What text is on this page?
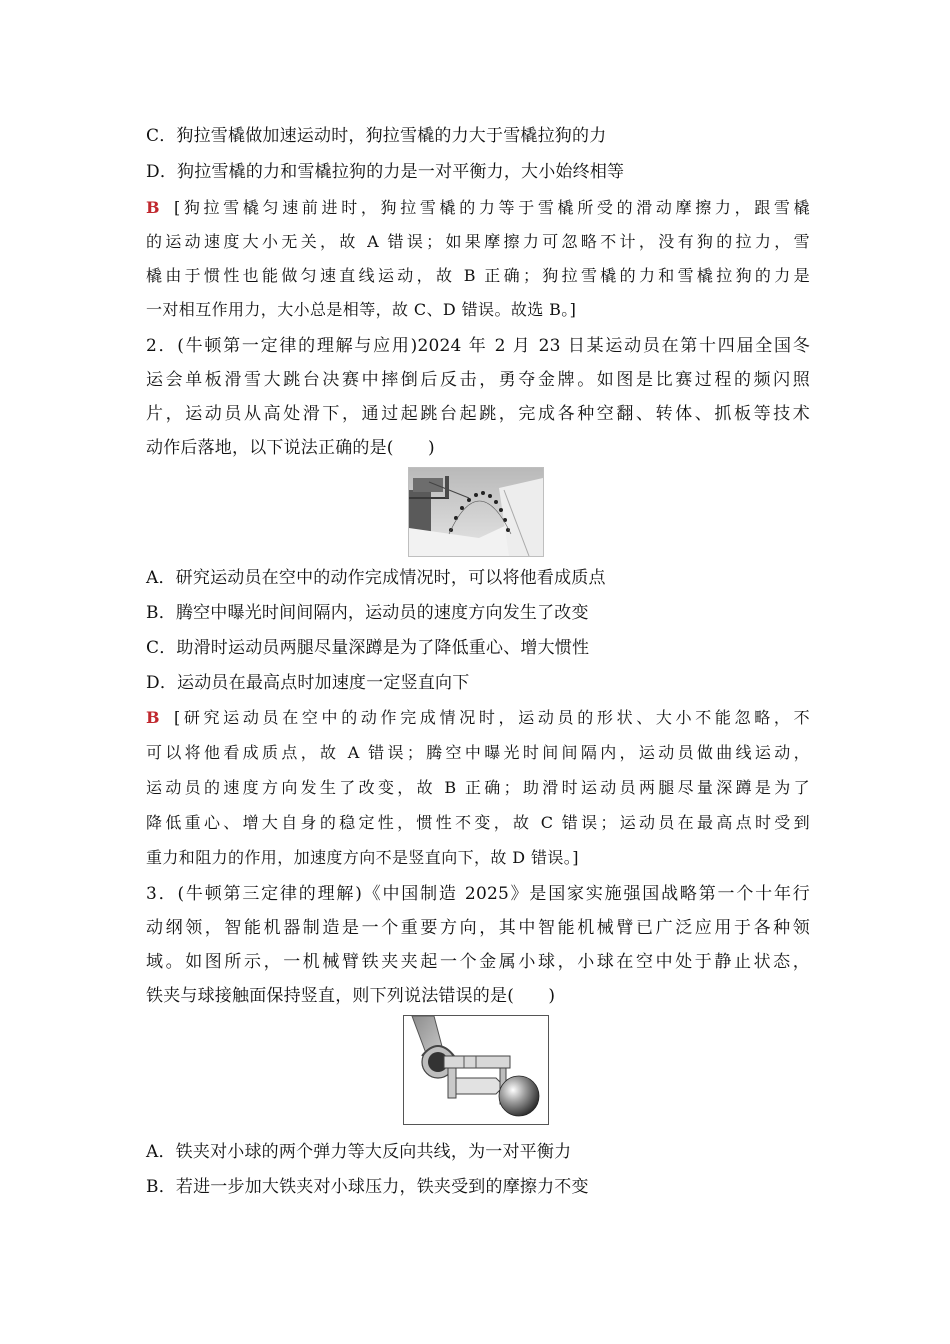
C．狗拉雪橇做加速运动时，狗拉雪橇的力大于雪橇拉狗的力
D．狗拉雪橇的力和雪橇拉狗的力是一对平衡力，大小始终相等
B [狗拉雪橇匀速前进时，狗拉雪橇的力等于雪橇所受的滑动摩擦力，跟雪橇
的运动速度大小无关，故 A 错误；如果摩擦力可忽略不计，没有狗的拉力，雪
橇由于惯性也能做匀速直线运动，故 B 正确；狗拉雪橇的力和雪橇拉狗的力是
一对相互作用力，大小总是相等，故 C、D 错误。故选 B。]
2．(牛顿第一定律的理解与应用)2024 年 2 月 23 日某运动员在第十四届全国冬
运会单板滑雪大跳台决赛中摔倒后反击，勇夺金牌。如图是比赛过程的频闪照
片，运动员从高处滑下，通过起跳台起跳，完成各种空翻、转体、抓板等技术
动作后落地，以下说法正确的是(　　)
A．研究运动员在空中的动作完成情况时，可以将他看成质点
B．腾空中曝光时间间隔内，运动员的速度方向发生了改变
C．助滑时运动员两腿尽量深蹲是为了降低重心、增大惯性
D．运动员在最高点时加速度一定竖直向下
B [研究运动员在空中的动作完成情况时，运动员的形状、大小不能忽略，不
可以将他看成质点，故 A 错误；腾空中曝光时间间隔内，运动员做曲线运动，
运动员的速度方向发生了改变，故 B 正确；助滑时运动员两腿尽量深蹲是为了
降低重心、增大自身的稳定性，惯性不变，故 C 错误；运动员在最高点时受到
重力和阻力的作用，加速度方向不是竖直向下，故 D 错误。]
3．(牛顿第三定律的理解)《中国制造 2025》是国家实施强国战略第一个十年行
动纲领，智能机器制造是一个重要方向，其中智能机械臂已广泛应用于各种领
域。如图所示，一机械臂铁夹夹起一个金属小球，小球在空中处于静止状态，
铁夹与球接触面保持竖直，则下列说法错误的是(　　)
A．铁夹对小球的两个弹力等大反向共线，为一对平衡力
B．若进一步加大铁夹对小球压力，铁夹受到的摩擦力不变
